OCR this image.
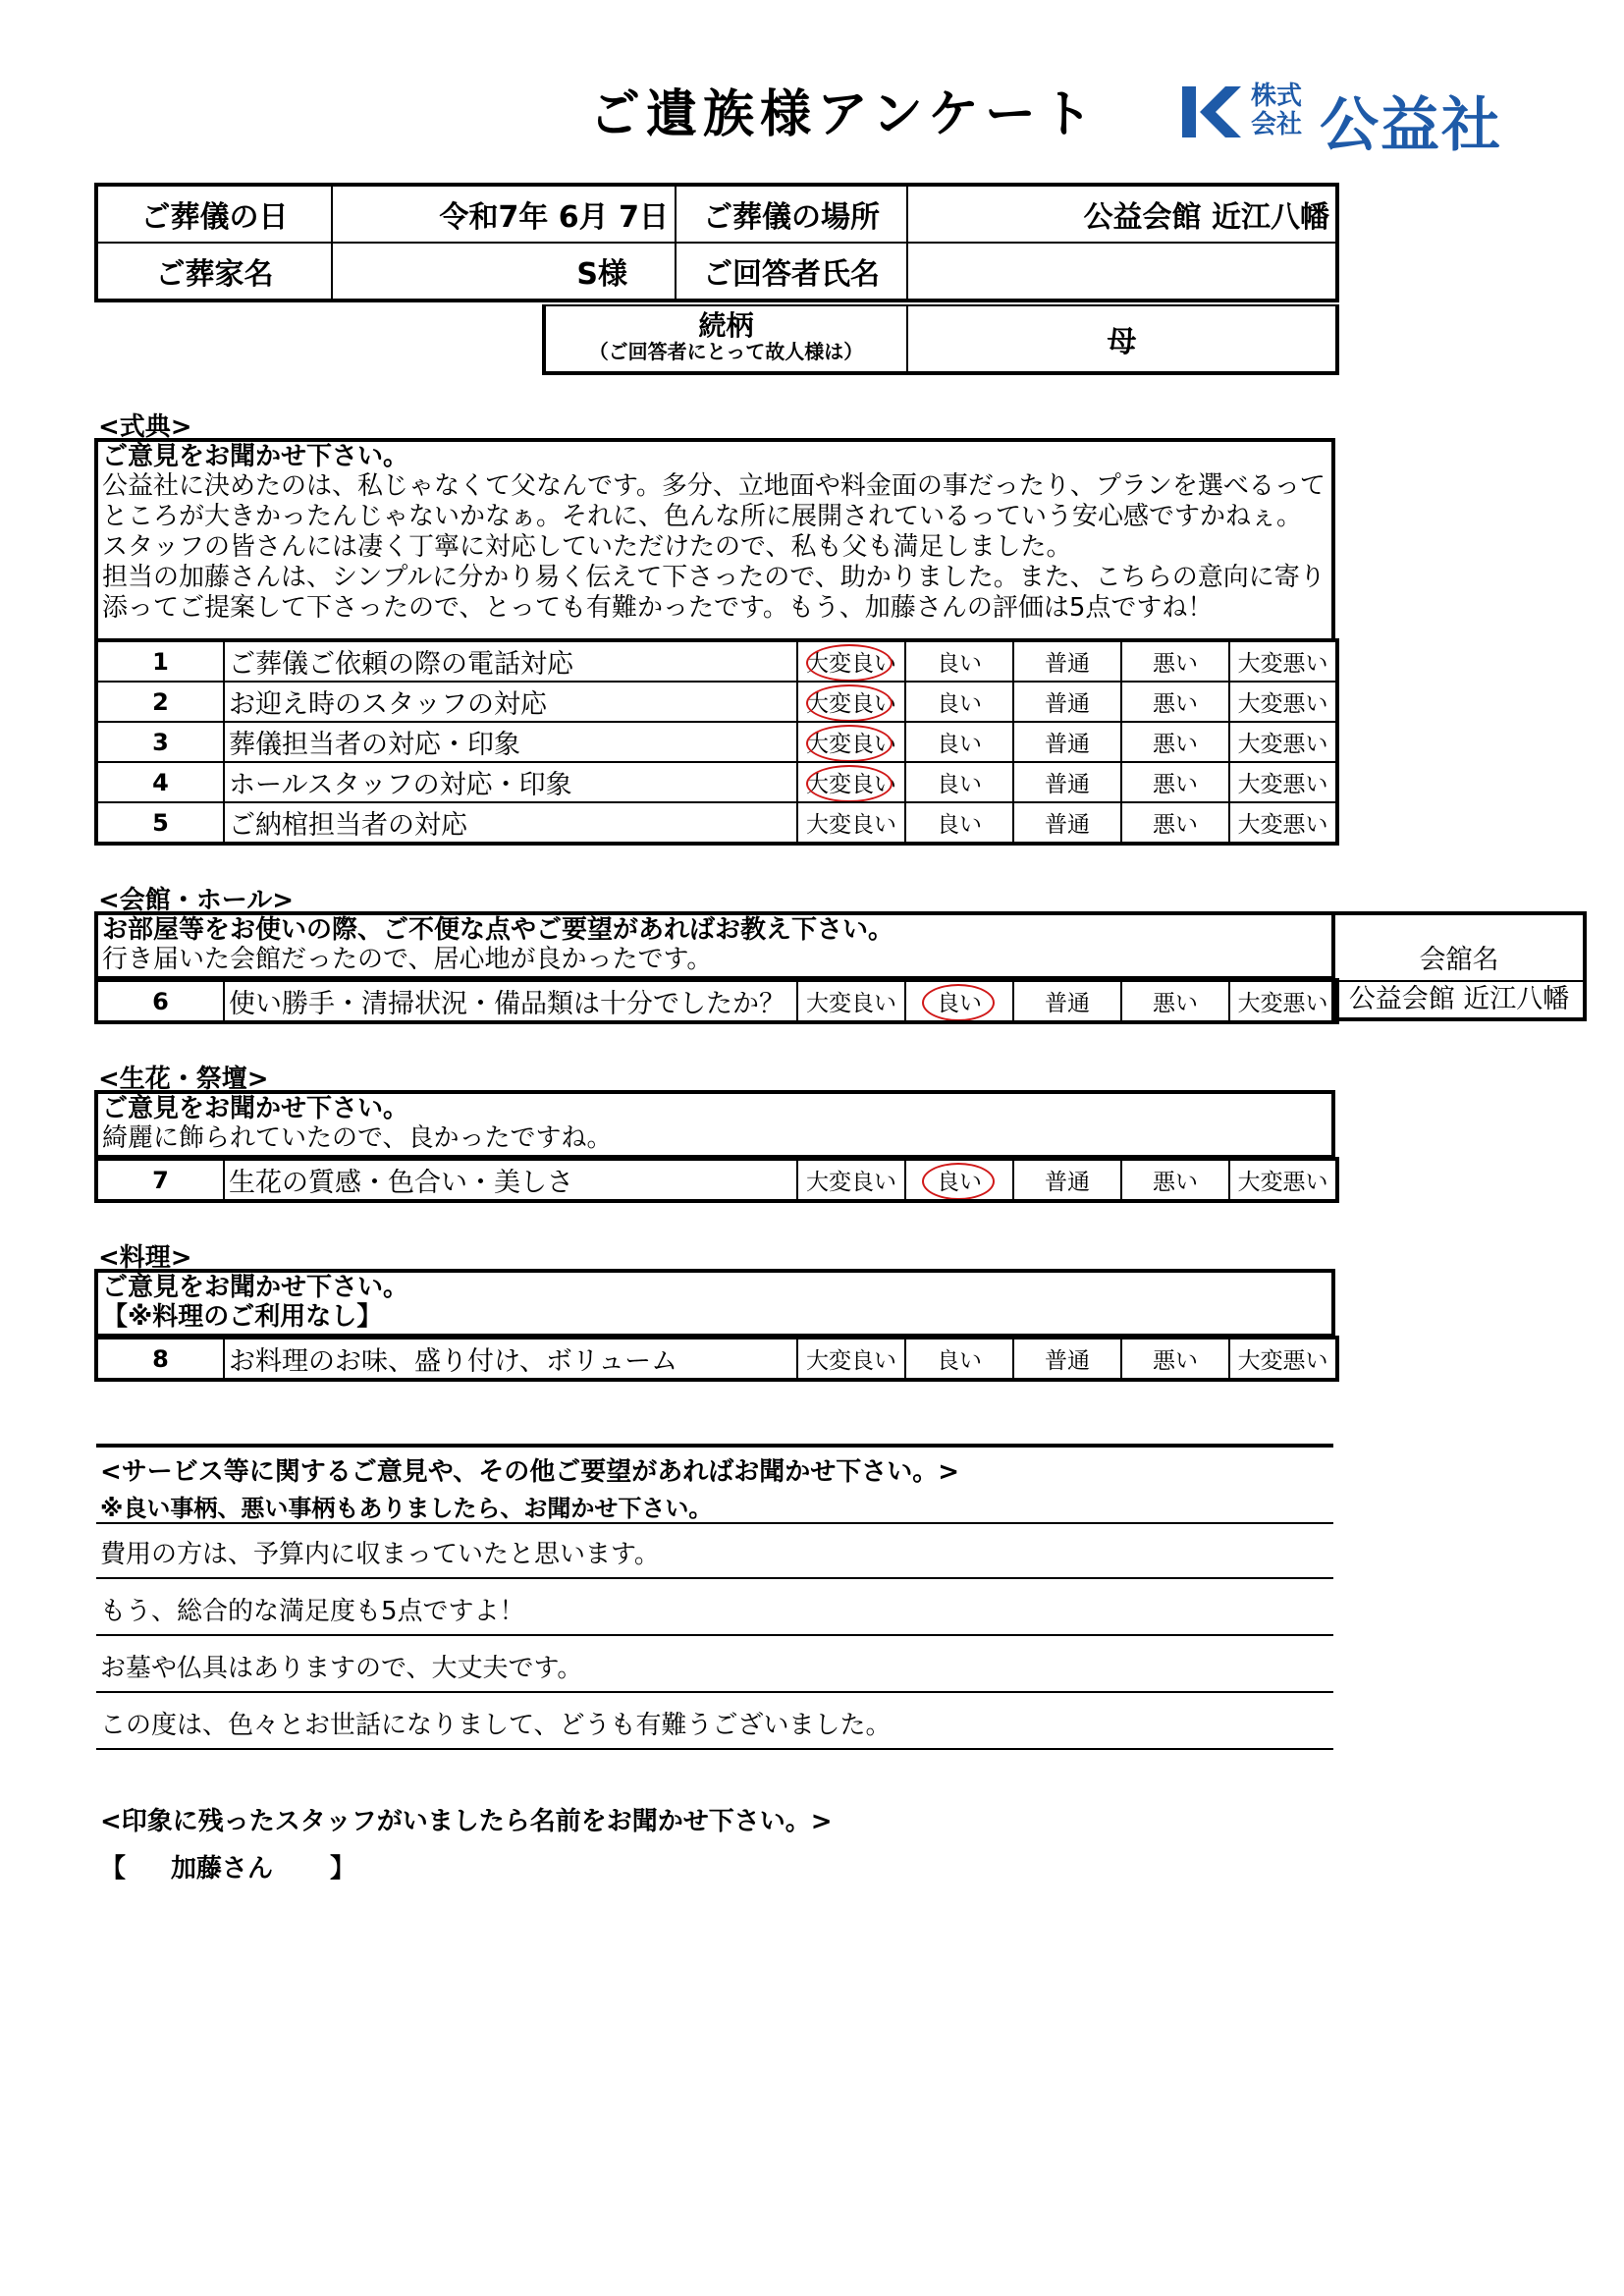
ご遺族様アンケート	株式
会社 公益社
ご葬儀の日	令和7年 6月 7日	ご葬儀の場所	公益会館 近江八幡
ご葬家名	S様	ご回答者氏名	
続柄
（ご回答者にとって故人様は）	母
<式典>
ご意見をお聞かせ下さい。
公益社に決めたのは、私じゃなくて父なんです。多分、立地面や料金面の事だったり、プランを選べるって
ところが大きかったんじゃないかなぁ。それに、色んな所に展開されているっていう安心感ですかねぇ。
スタッフの皆さんには凄く丁寧に対応していただけたので、私も父も満足しました。
担当の加藤さんは、シンプルに分かり易く伝えて下さったので、助かりました。また、こちらの意向に寄り
添ってご提案して下さったので、とっても有難かったです。もう、加藤さんの評価は5点ですね！
1	ご葬儀ご依頼の際の電話対応	大変良い	良い	普通	悪い	大変悪い
2	お迎え時のスタッフの対応	大変良い	良い	普通	悪い	大変悪い
3	葬儀担当者の対応・印象	大変良い	良い	普通	悪い	大変悪い
4	ホールスタッフの対応・印象	大変良い	良い	普通	悪い	大変悪い
5	ご納棺担当者の対応	大変良い	良い	普通	悪い	大変悪い
<会館・ホール>
お部屋等をお使いの際、ご不便な点やご要望があればお教え下さい。
行き届いた会館だったので、居心地が良かったです。	会舘名
公益会館 近江八幡
6	使い勝手・清掃状況・備品類は十分でしたか？	大変良い	良い	普通	悪い	大変悪い
<生花・祭壇>
ご意見をお聞かせ下さい。
綺麗に飾られていたので、良かったですね。
7	生花の質感・色合い・美しさ	大変良い	良い	普通	悪い	大変悪い
<料理>
ご意見をお聞かせ下さい。
【※料理のご利用なし】
8	お料理のお味、盛り付け、ボリューム	大変良い	良い	普通	悪い	大変悪い
<サービス等に関するご意見や、その他ご要望があればお聞かせ下さい。>
※良い事柄、悪い事柄もありましたら、お聞かせ下さい。
費用の方は、予算内に収まっていたと思います。
もう、総合的な満足度も5点ですよ！
お墓や仏具はありますので、大丈夫です。
この度は、色々とお世話になりまして、どうも有難うございました。
<印象に残ったスタッフがいましたら名前をお聞かせ下さい。>
【 加藤さん 】
